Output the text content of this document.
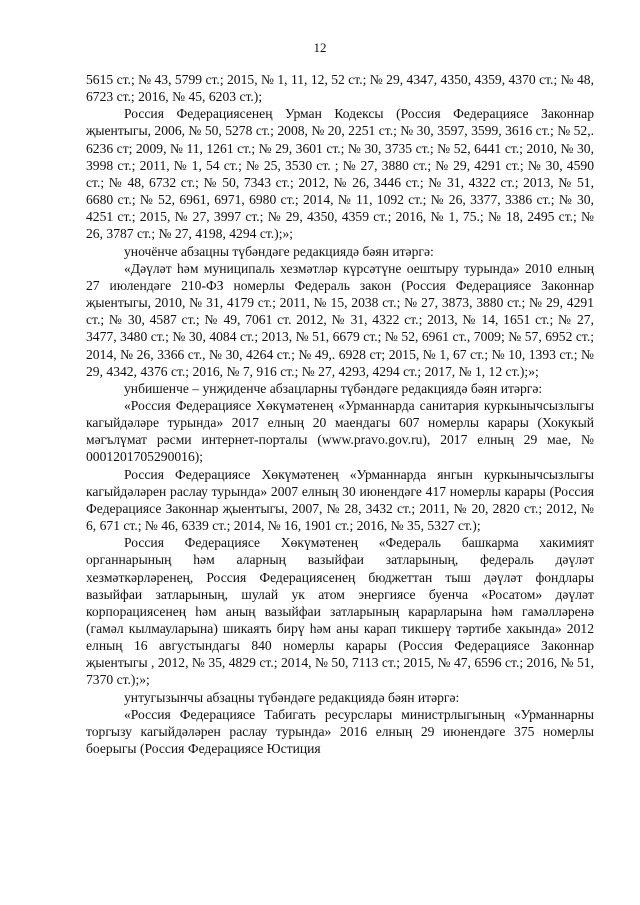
12

5615 ст.; № 43, 5799 ст.; 2015, № 1, 11, 12, 52 ст.; № 29, 4347, 4350, 4359, 4370 ст.; № 48, 6723 ст.; 2016, № 45, 6203 ст.);

Россия Федерациясенең Урман Кодексы (Россия Федерациясе Законнар җыентыгы, 2006, № 50, 5278 ст.; 2008, № 20, 2251 ст.; № 30, 3597, 3599, 3616 ст.; № 52,. 6236 ст; 2009, № 11, 1261 ст.; № 29, 3601 ст.; № 30, 3735 ст.; № 52, 6441 ст.; 2010, № 30, 3998 ст.; 2011, № 1, 54 ст.; № 25, 3530 ст. ; № 27, 3880 ст.; № 29, 4291 ст.; № 30, 4590 ст.; № 48, 6732 ст.; № 50, 7343 ст.; 2012, № 26, 3446 ст.; № 31, 4322 ст.; 2013, № 51, 6680 ст.; № 52, 6961, 6971, 6980 ст.; 2014, № 11, 1092 ст.; № 26, 3377, 3386 ст.; № 30, 4251 ст.; 2015, № 27, 3997 ст.; № 29, 4350, 4359 ст.; 2016, № 1, 75.; № 18, 2495 ст.; № 26, 3787 ст.; № 27, 4198, 4294 ст.);»;

уночёнче абзацны түбәндәге редакциядә бәян итәргә:

«Дәүләт һәм муниципаль хезмәтләр күрсәтүне оештыру турында» 2010 елның 27 июлендәге 210-ФЗ номерлы Федераль закон (Россия Федерациясе Законнар җыентыгы, 2010, № 31, 4179 ст.; 2011, № 15, 2038 ст.; № 27, 3873, 3880 ст.; № 29, 4291 ст.; № 30, 4587 ст.; № 49, 7061 ст. 2012, № 31, 4322 ст.; 2013, № 14, 1651 ст.; № 27, 3477, 3480 ст.; № 30, 4084 ст.; 2013, № 51, 6679 ст.; № 52, 6961 ст., 7009; № 57, 6952 ст.; 2014, № 26, 3366 ст., № 30, 4264 ст.; № 49,. 6928 ст; 2015, № 1, 67 ст.; № 10, 1393 ст.; № 29, 4342, 4376 ст.; 2016, № 7, 916 ст.; № 27, 4293, 4294 ст.; 2017, № 1, 12 ст.);»;

унбишенче – унҗиденче абзацларны түбәндәге редакциядә бәян итәргә:

«Россия Федерациясе Хөкүмәтенең «Урманнарда санитария куркынычсызлыгы кагыйдәләре турында» 2017 елның 20 маендагы 607 номерлы карары (Хокукый мәгълүмат рәсми интернет-порталы (www.pravo.gov.ru), 2017 елның 29 мае, № 0001201705290016);

Россия Федерациясе Хөкүмәтенең «Урманнарда янгын куркынычсызлыгы кагыйдәләрен раслау турында» 2007 елның 30 июнендәге 417 номерлы карары (Россия Федерациясе Законнар җыентыгы, 2007, № 28, 3432 ст.; 2011, № 20, 2820 ст.; 2012, № 6, 671 ст.; № 46, 6339 ст.; 2014, № 16, 1901 ст.; 2016, № 35, 5327 ст.);

Россия Федерациясе Хөкүмәтенең «Федераль башкарма хакимият органнарының һәм аларның вазыйфаи затларының, федераль дәүләт хезмәткәрләренең, Россия Федерациясенең бюджеттан тыш дәүләт фондлары вазыйфаи затларының, шулай ук атом энергиясе буенча «Росатом» дәүләт корпорациясенең һәм аның вазыйфаи затларының карарларына һәм гамәлләренә (гамәл кылмауларына) шикаять бирү һәм аны карап тикшерү тәртибе хакында» 2012 елның 16 августындагы 840 номерлы карары (Россия Федерациясе Законнар җыентыгы , 2012, № 35, 4829 ст.; 2014, № 50, 7113 ст.; 2015, № 47, 6596 ст.; 2016, № 51, 7370 ст.);»;

унтугызынчы абзацны түбәндәге редакциядә бәян итәргә:

«Россия Федерациясе Табигать ресурслары министрлыгының «Урманнарны торгызу кагыйдәләрен раслау турында» 2016 елның 29 июнендәге 375 номерлы боерыгы (Россия Федерациясе Юстиция
